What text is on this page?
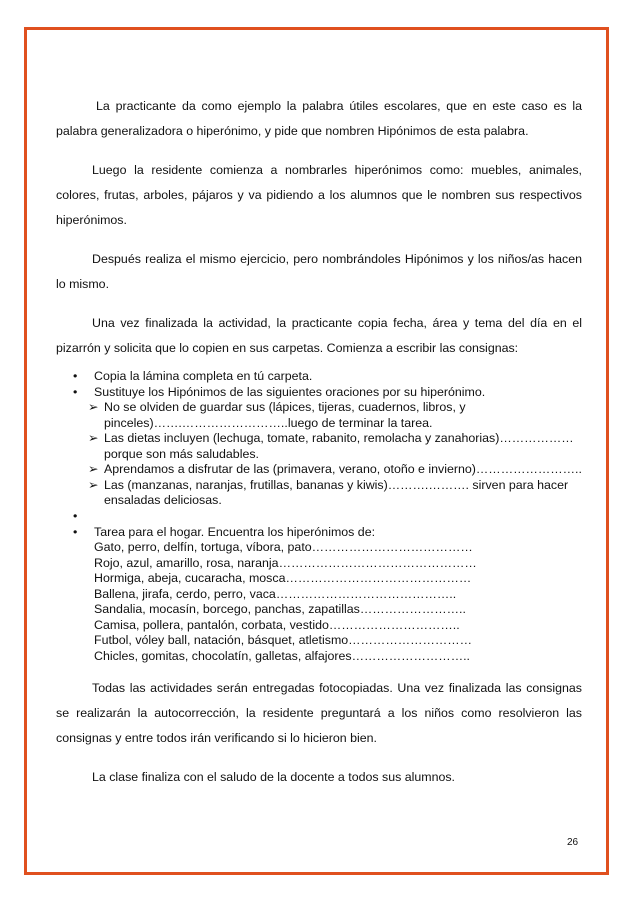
La practicante da como ejemplo la palabra útiles escolares, que en este caso es la palabra generalizadora o hiperónimo, y pide que nombren Hipónimos de esta palabra.

Luego la residente comienza a nombrarles hiperónimos como: muebles, animales, colores, frutas, arboles, pájaros y va pidiendo a los alumnos que le nombren sus respectivos hiperónimos.

Después realiza el mismo ejercicio, pero nombrándoles Hipónimos y los niños/as hacen lo mismo.

Una vez finalizada la actividad, la practicante copia fecha, área y tema del día en el pizarrón y solicita que lo copien en sus carpetas. Comienza a escribir las consignas:

• Copia la lámina completa en tú carpeta.
• Sustituye los Hipónimos de las siguientes oraciones por su hiperónimo.
➢ No se olviden de guardar sus (lápices, tijeras, cuadernos, libros, y pinceles)…….……………………..luego de terminar la tarea.
➢ Las dietas incluyen (lechuga, tomate, rabanito, remolacha y zanahorias)………………porque son más saludables.
➢ Aprendamos a disfrutar de las (primavera, verano, otoño e invierno)……………………..
➢ Las (manzanas, naranjas, frutillas, bananas y kiwis)……….………. sirven para hacer ensaladas deliciosas.
•
• Tarea para el hogar. Encuentra los hiperónimos de:
Gato, perro, delfín, tortuga, víbora, pato…………………………………
Rojo, azul, amarillo, rosa, naranja…………………………………………
Hormiga, abeja, cucaracha, mosca………………………………………
Ballena, jirafa, cerdo, perro, vaca……………………………………..
Sandalia, mocasín, borcego, panchas, zapatillas……………………..
Camisa, pollera, pantalón, corbata, vestido…………………………..
Futbol, vóley ball, natación, básquet, atletismo…………………………
Chicles, gomitas, chocolatín, galletas, alfajores………………………..

Todas las actividades serán entregadas fotocopiadas. Una vez finalizada las consignas se realizarán la autocorrección, la residente preguntará a los niños como resolvieron las consignas y entre todos irán verificando si lo hicieron bien.

La clase finaliza con el saludo de la docente a todos sus alumnos.

26
